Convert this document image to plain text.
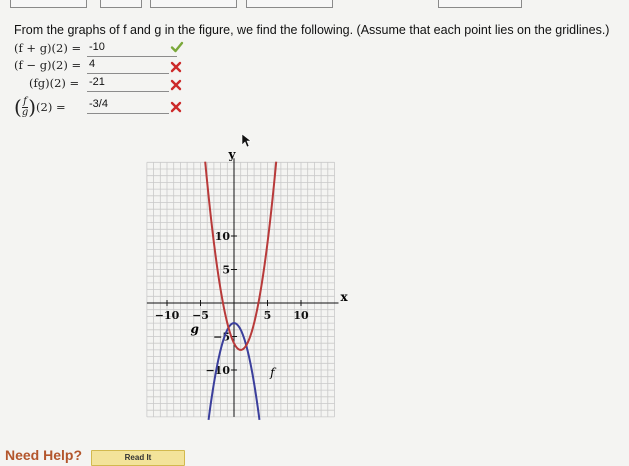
From the graphs of f and g in the figure, we find the following. (Assume that each point lies on the gridlines.)
(f + g)(2) = -10
(f − g)(2) = 4
(fg)(2) = -21
( $\frac{f}{g} )(2) = -3/4$
−10 −5	5 10
10
5
−5
−10
g
f
x
y
Need Help?	Read It
